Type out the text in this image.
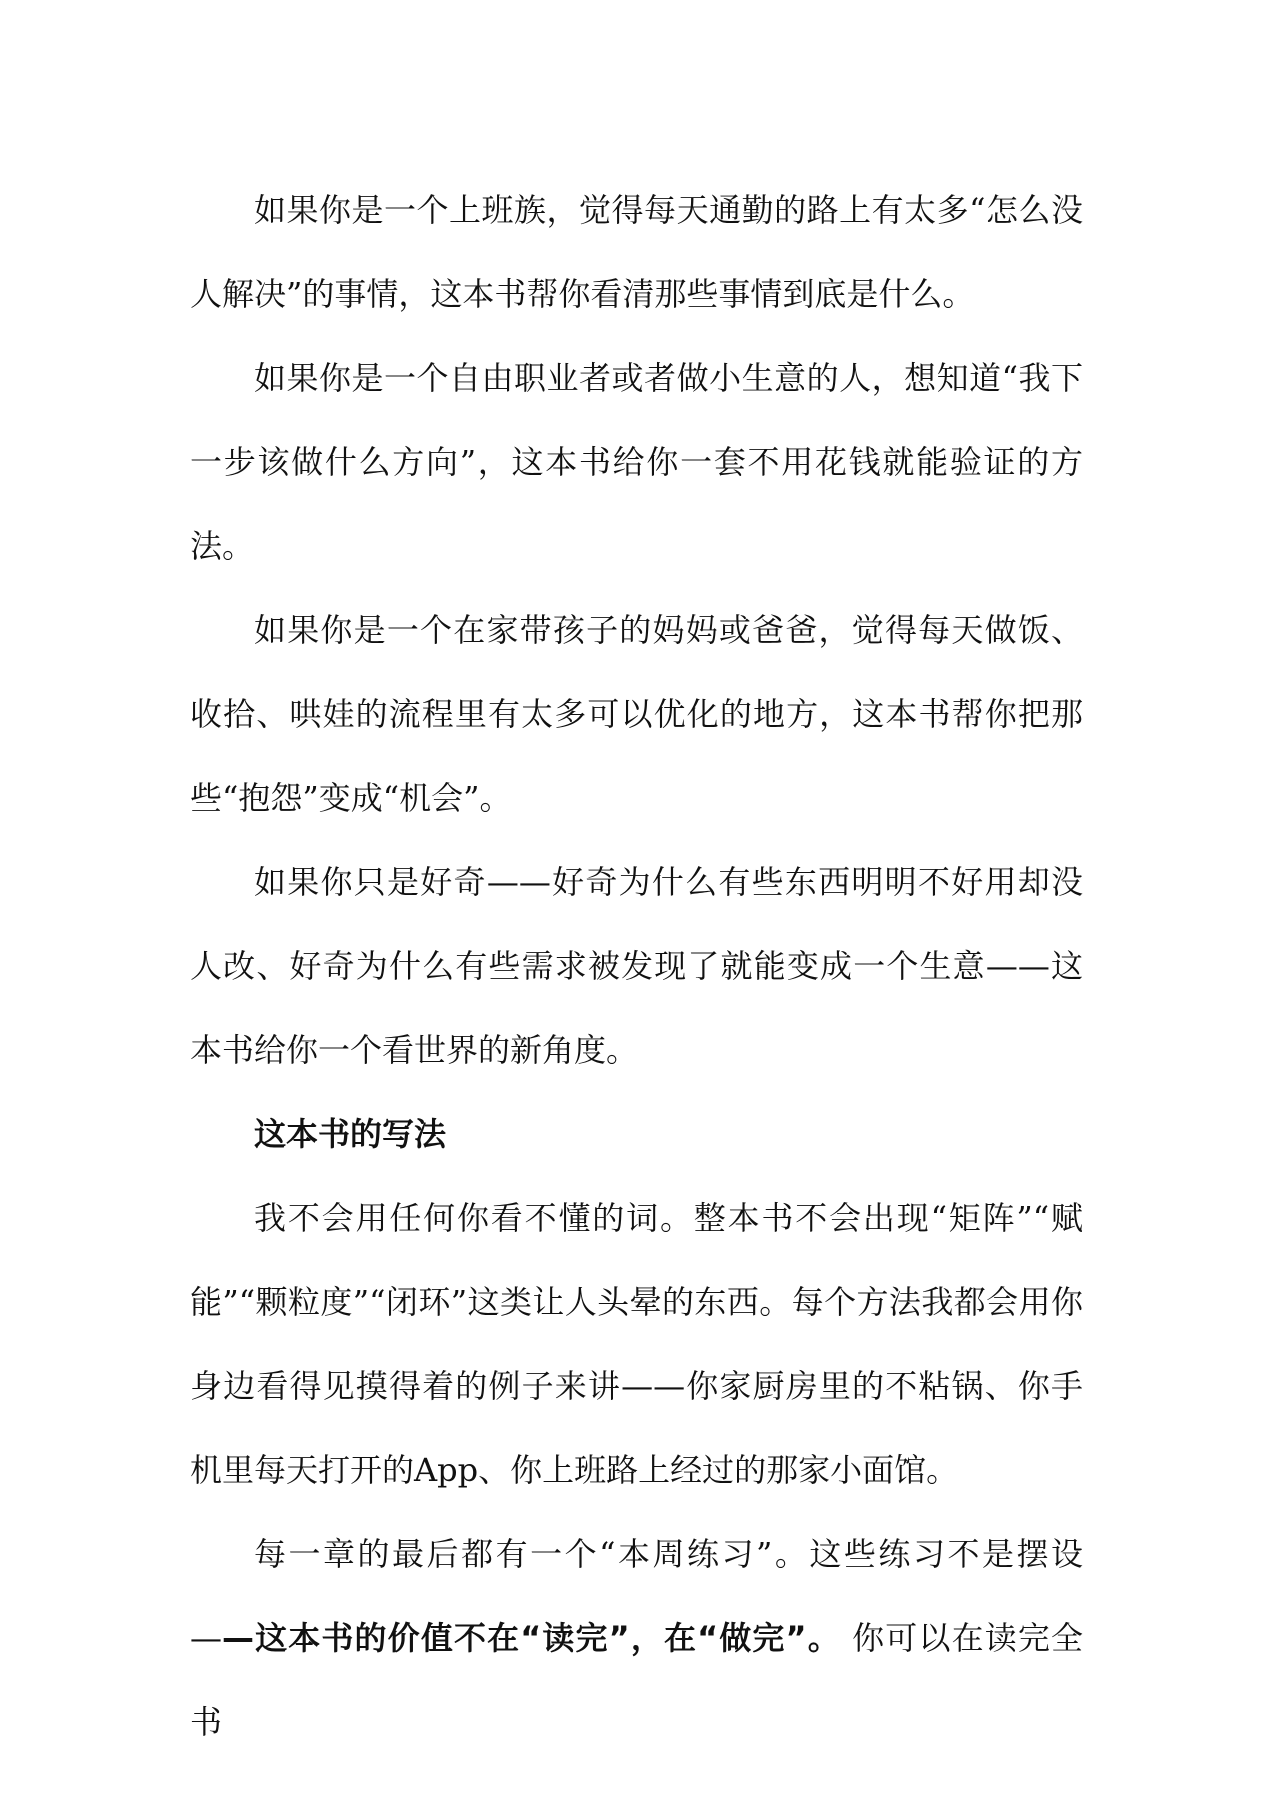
如果你是一个上班族，觉得每天通勤的路上有太多“怎么没人解决”的事情，这本书帮你看清那些事情到底是什么。

如果你是一个自由职业者或者做小生意的人，想知道“我下一步该做什么方向”，这本书给你一套不用花钱就能验证的方法。

如果你是一个在家带孩子的妈妈或爸爸，觉得每天做饭、收拾、哄娃的流程里有太多可以优化的地方，这本书帮你把那些“抱怨”变成“机会”。

如果你只是好奇——好奇为什么有些东西明明不好用却没人改、好奇为什么有些需求被发现了就能变成一个生意——这本书给你一个看世界的新角度。

这本书的写法

我不会用任何你看不懂的词。整本书不会出现“矩阵”“赋能”“颗粒度”“闭环”这类让人头晕的东西。每个方法我都会用你身边看得见摸得着的例子来讲——你家厨房里的不粘锅、你手机里每天打开的App、你上班路上经过的那家小面馆。

每一章的最后都有一个“本周练习”。这些练习不是摆设——这本书的价值不在“读完”，在“做完”。 你可以在读完全书
